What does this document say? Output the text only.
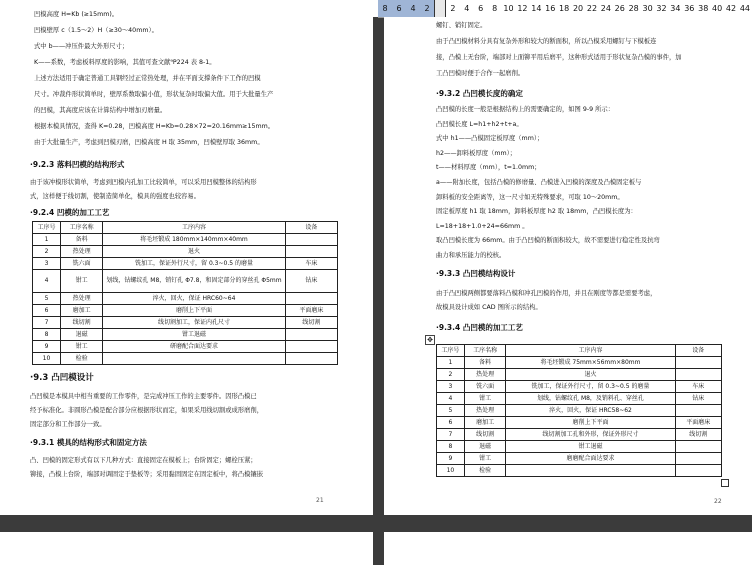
8	6	4	2	2	4	6	8 10 12 14 16 18 20 22 24 26 28 30 32 34 36 38 40 42 44
凹模高度 H=Kb (≥15mm)。
凹模壁厚 c（1.5～2）H（≥30～40mm）。
式中 b——冲压件最大外形尺寸；
K——系数，考虑板料厚度的影响，其值可查文献⁹P224 表 8-1。
上述方法适用于确定普通工具钢经过正常热处理，并在平面支撑条件下工作的凹模
尺寸。冲裁件形状简单时，壁厚系数取偏小值，形状复杂时取偏大值。用于大批量生产
的凹模，其高度应该在计算结构中增加刃磨量。
根据本模具情况，查得 K=0.28，凹模高度 H=Kb=0.28×72=20.16mm≥15mm。
由于大批量生产，考虑到凹模刃磨，凹模高度 H 取 35mm，凹模壁厚取 36mm。
·9.2.3 落料凹模的结构形式
由于该冲模形状简单，考虑到凹模内孔加工比较简单，可以采用凹模整体的结构形
式，这样便于线切割，使制造简单化，模具的强度也较容易。
·9.2.4 凹模的加工工艺
工序号	工序名称	工序内容	设备
1	备料	将毛坯锻成 180mm×140mm×40mm	
2	热处理	退火	
3	铣六面	铣加工，保证外行尺寸，留 0.3~0.5 的磨量	车床
4	钳工	划线，钻螺纹孔 M8，销钉孔 Φ7.8，和固定部分的穿丝孔 Φ5mm	钻床
5	热处理	淬火，回火，保证 HRC60~64	
6	磨加工	磨削上下平面	平面磨床
7	线切割	线切割加工，保证内孔尺寸	线切割
8	退磁	钳工退磁	
9	钳工	研磨配合面达要求	
10	检验		
·9.3 凸凹模设计
凸凹模是本模具中相当重要的工作零件，是完成冲压工作的主要零件。因形凸模已
经予标准化。非圆形凸模是配合部分应根据形状而定，如果采用线切割或成形磨削，
固定部分和工作部分一致。
·9.3.1 模具的结构形式和固定方法
凸、凹模的固定形式有以下几种方式：直接固定在模板上；台阶固定；螺栓压紧；
铆接，凸模上台阶，端部对调固定于垫板等；采用黏固固定在固定板中，将凸模镶嵌
21
螺钉、销钉固定。
由于凸凹模材料分具有复杂外形和较大的断面积，所以凸模采用螺钉与下模板连
接，凸模上无台阶，端部对上面铆平用后磨平，这种形式适用于形状复杂凸模的事件，加
工凸凹模时便于合作一起磨削。
·9.3.2 凸凹模长度的确定
凸凹模的长度一般是根据结构上的需要确定的，如图 9-9 所示：
凸凹模长度 L=h1+h2+t+a。
式中 h1——凸模固定板厚度（mm）；
h2——卸料板厚度（mm）；
t——材料厚度（mm），t=1.0mm；
a——附加长度，包括凸模的修磨量、凸模进入凹模的深度及凸模固定板与
卸料板的安全距离等，这一尺寸如无特殊要求，可取 10～20mm。
固定板厚度 h1 取 18mm，卸料板厚度 h2 取 18mm，凸凹模长度为：
L=18+18+1.0+24=66mm 。
取凸凹模长度为 66mm。由于凸凹模的断面积较大，故不需要进行稳定性及抗弯
曲力和承压能力的校核。
·9.3.3 凸凹模结构设计
由于凸凹模两侧都要落料凸模和冲孔凹模的作用，并且在刚度等都是需要考虑，
故模具设计成如 CAD 图所示的结构。
·9.3.4 凸凹模的加工工艺
✥
工序号	工序名称	工序内容	设备
1	备料	将毛坯锻成 75mm×56mm×80mm	
2	热处理	退火	
3	铣六面	铣加工，保证外行尺寸，留 0.3~0.5 的磨量	车床
4	钳工	划线，钻螺纹孔 M8，及销料孔、穿丝孔	钻床
5	热处理	淬火，回火，保证 HRC58~62	
6	磨加工	磨削上下平面	平面磨床
7	线切割	线切割加工孔和外形，保证外形尺寸	线切割
8	退磁	钳工退磁	
9	钳工	磨磨配合面达要求	
10	检验		
22
